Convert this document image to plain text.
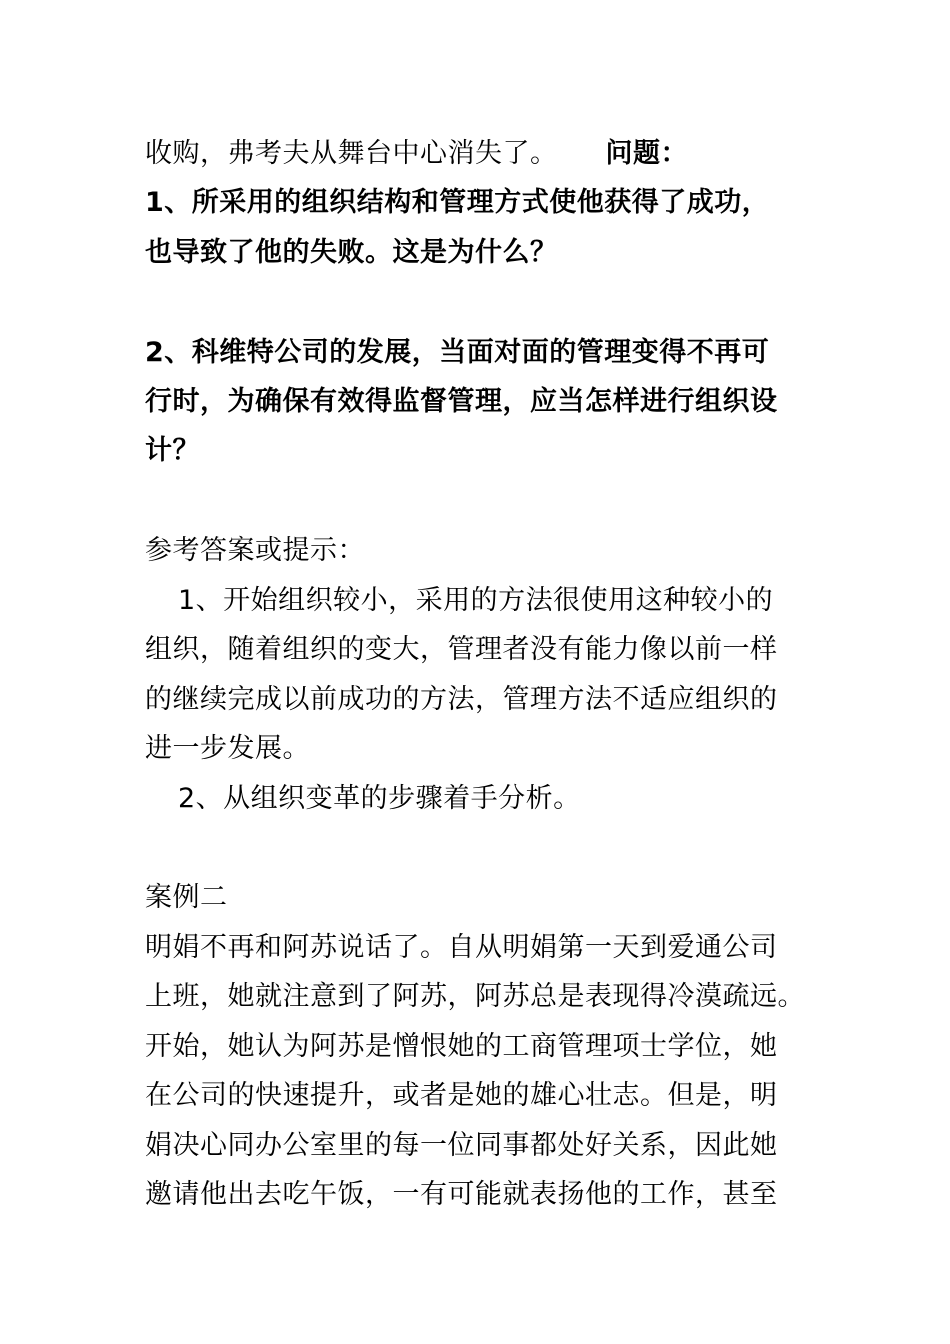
收购，弗考夫从舞台中心消失了。 问题：
1、所采用的组织结构和管理方式使他获得了成功，
也导致了他的失败。这是为什么？
2、科维特公司的发展，当面对面的管理变得不再可
行时，为确保有效得监督管理，应当怎样进行组织设
计？
参考答案或提示：
1、开始组织较小，采用的方法很使用这种较小的
组织，随着组织的变大，管理者没有能力像以前一样
的继续完成以前成功的方法，管理方法不适应组织的
进一步发展。
2、从组织变革的步骤着手分析。
案例二
明娟不再和阿苏说话了。自从明娟第一天到爱通公司
上班，她就注意到了阿苏，阿苏总是表现得冷漠疏远。
开始，她认为阿苏是憎恨她的工商管理项士学位，她
在公司的快速提升，或者是她的雄心壮志。但是，明
娟决心同办公室里的每一位同事都处好关系，因此她
邀请他出去吃午饭，一有可能就表扬他的工作，甚至
